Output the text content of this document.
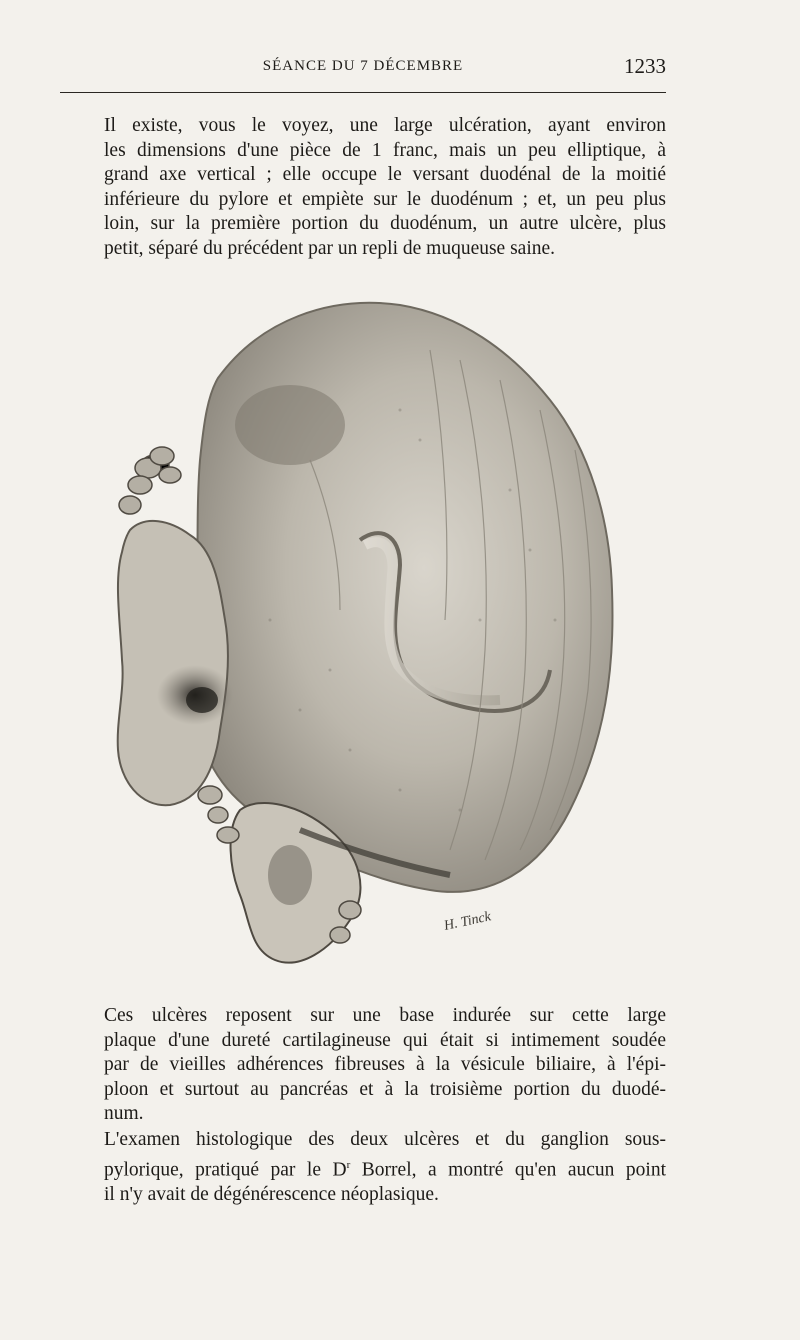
SÉANCE DU 7 DÉCEMBRE	1233

Il existe, vous le voyez, une large ulcération, ayant environ
les dimensions d'une pièce de 1 franc, mais un peu elliptique, à
grand axe vertical ; elle occupe le versant duodénal de la moitié
inférieure du pylore et empiète sur le duodénum ; et, un peu plus
loin, sur la première portion du duodénum, un autre ulcère, plus
petit, séparé du précédent par un repli de muqueuse saine.

H. Tinck

Ces ulcères reposent sur une base indurée sur cette large
plaque d'une dureté cartilagineuse qui était si intimement soudée
par de vieilles adhérences fibreuses à la vésicule biliaire, à l'épi-
ploon et surtout au pancréas et à la troisième portion du duodé-
num.

L'examen histologique des deux ulcères et du ganglion sous-
pylorique, pratiqué par le $D^r$ Borrel, a montré qu'en aucun point
il n'y avait de dégénérescence néoplasique.
